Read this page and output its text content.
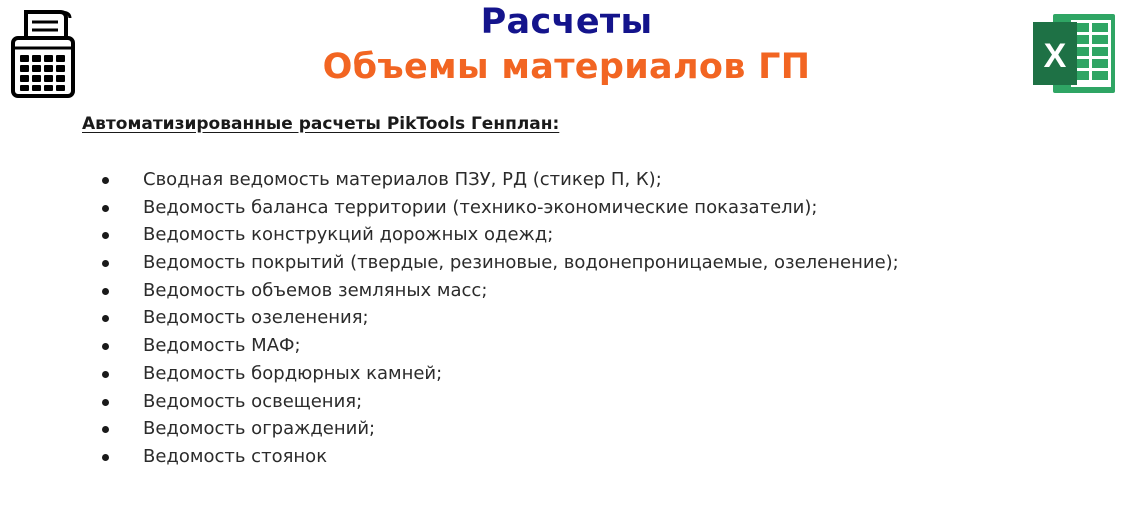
Расчеты
Объемы материалов ГП	X
Автоматизированные расчеты PikTools Генплан:
Сводная ведомость материалов ПЗУ, РД (стикер П, К);
Ведомость баланса территории (технико-экономические показатели);
Ведомость конструкций дорожных одежд;
Ведомость покрытий (твердые, резиновые, водонепроницаемые, озеленение);
Ведомость объемов земляных масс;
Ведомость озеленения;
Ведомость МАФ;
Ведомость бордюрных камней;
Ведомость освещения;
Ведомость ограждений;
Ведомость стоянок
